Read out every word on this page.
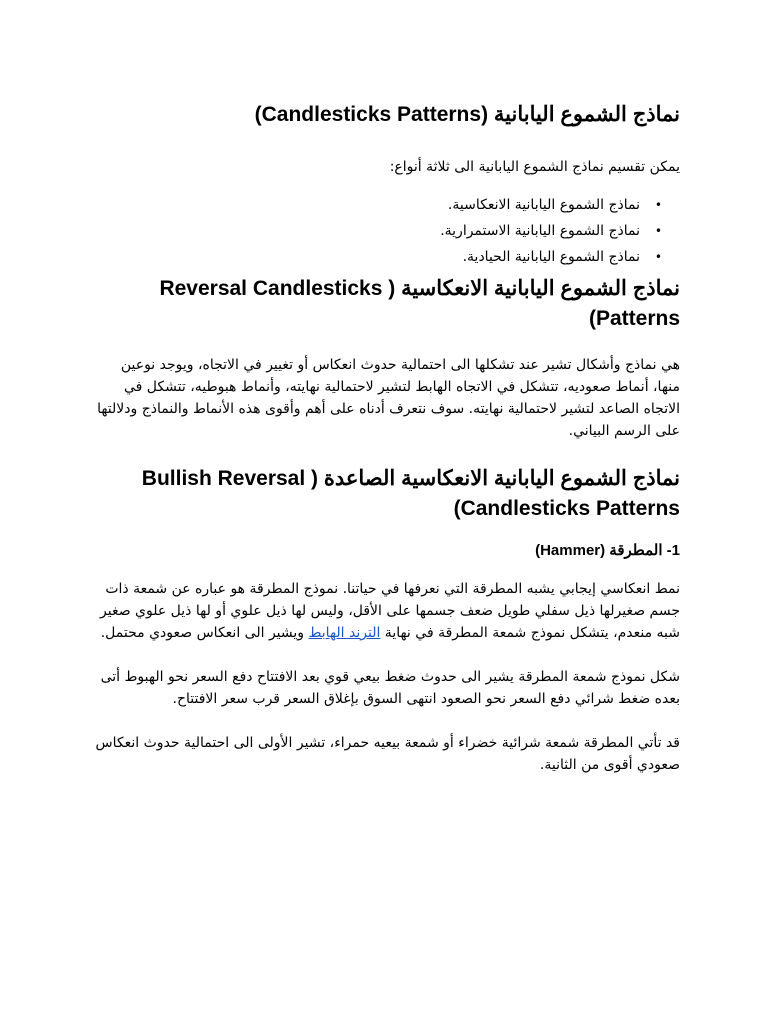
نماذج الشموع اليابانية (Candlesticks Patterns)

يمكن تقسيم نماذج الشموع اليابانية الى ثلاثة أنواع:

•
نماذج الشموع اليابانية الانعكاسية.
•
نماذج الشموع اليابانية الاستمرارية.
•
نماذج الشموع اليابانية الحيادية.
نماذج الشموع اليابانية الانعكاسية ( Reversal Candlesticks Patterns)

هي نماذج وأشكال تشير عند تشكلها الى احتمالية حدوث انعكاس أو تغيير في الاتجاه، ويوجد نوعين منها، أنماط صعوديه، تتشكل في الاتجاه الهابط لتشير لاحتمالية نهايته، وأنماط هبوطيه، تتشكل في الاتجاه الصاعد لتشير لاحتمالية نهايته. سوف نتعرف أدناه على أهم وأقوى هذه الأنماط والنماذج ودلالتها على الرسم البياني.

نماذج الشموع اليابانية الانعكاسية الصاعدة ( Bullish Reversal Candlesticks Patterns)
1- المطرقة (Hammer)

نمط انعكاسي إيجابي يشبه المطرقة التي نعرفها في حياتنا. نموذج المطرقة هو عباره عن شمعة ذات جسم صغيرلها ذيل سفلي طويل ضعف جسمها على الأقل، وليس لها ذيل علوي أو لها ذيل علوي صغير شبه منعدم، يتشكل نموذج شمعة المطرقة في نهاية الترند الهابط ويشير الى انعكاس صعودي محتمل.

شكل نموذج شمعة المطرقة يشير الى حدوث ضغط بيعي قوي بعد الافتتاح دفع السعر نحو الهبوط أتى بعده ضغط شرائي دفع السعر نحو الصعود انتهى السوق بإغلاق السعر قرب سعر الافتتاح.

قد تأتي المطرقة شمعة شرائية خضراء أو شمعة بيعيه حمراء، تشير الأولى الى احتمالية حدوث انعكاس صعودي أقوى من الثانية.
